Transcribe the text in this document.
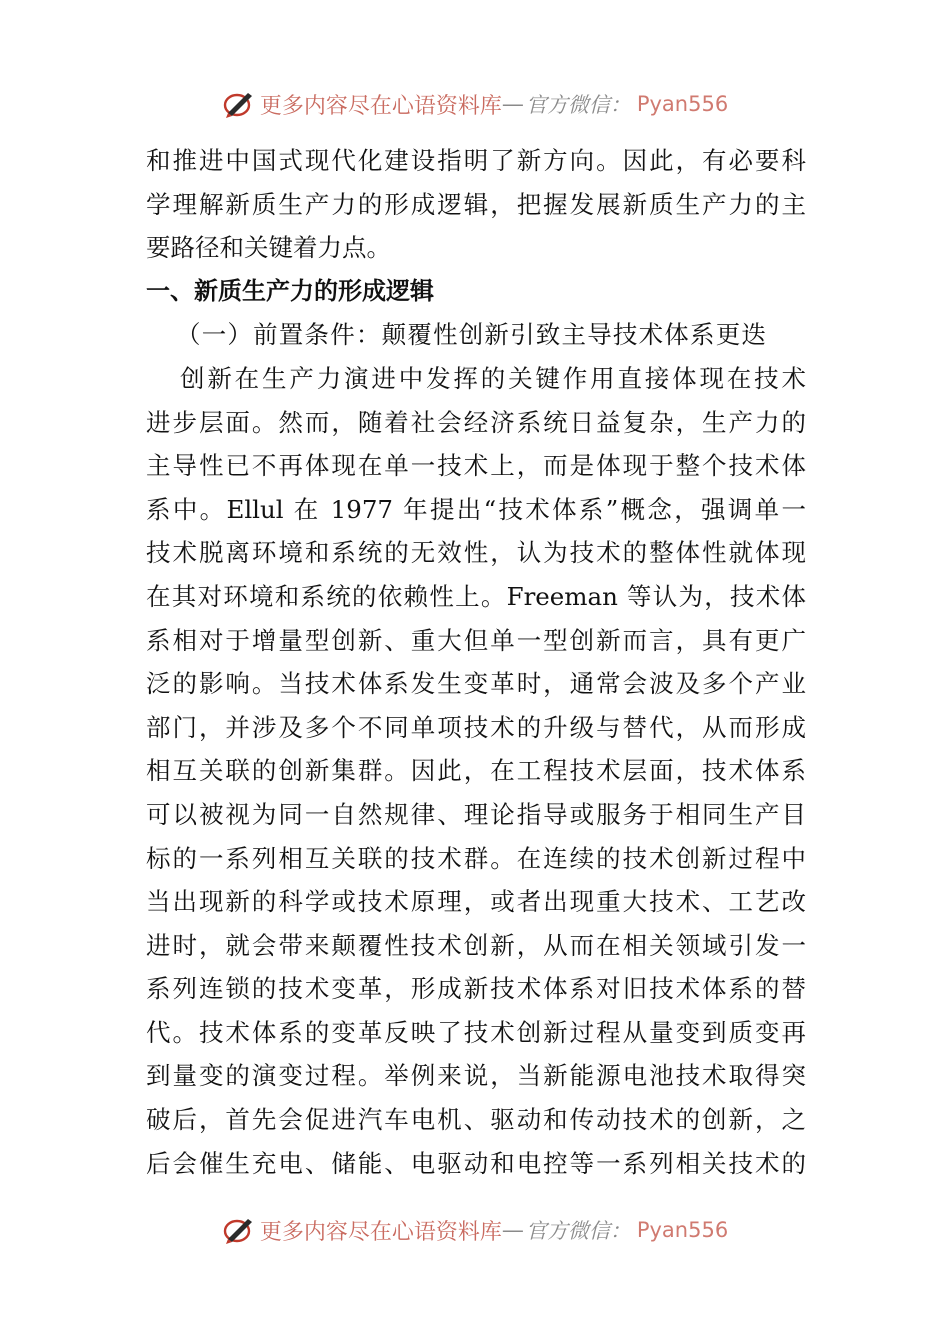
更多内容尽在心语资料库 — 官方微信： Pyan556
和推进中国式现代化建设指明了新方向。因此，有必要科
学理解新质生产力的形成逻辑，把握发展新质生产力的主
要路径和关键着力点。
一、新质生产力的形成逻辑
（一）前置条件：颠覆性创新引致主导技术体系更迭
创新在生产力演进中发挥的关键作用直接体现在技术
进步层面。然而，随着社会经济系统日益复杂，生产力的
主导性已不再体现在单一技术上，而是体现于整个技术体
系中。Ellul 在 1977 年提出“技术体系”概念，强调单一
技术脱离环境和系统的无效性，认为技术的整体性就体现
在其对环境和系统的依赖性上。Freeman 等认为，技术体
系相对于增量型创新、重大但单一型创新而言，具有更广
泛的影响。当技术体系发生变革时，通常会波及多个产业
部门，并涉及多个不同单项技术的升级与替代，从而形成
相互关联的创新集群。因此，在工程技术层面，技术体系
可以被视为同一自然规律、理论指导或服务于相同生产目
标的一系列相互关联的技术群。在连续的技术创新过程中
当出现新的科学或技术原理，或者出现重大技术、工艺改
进时，就会带来颠覆性技术创新，从而在相关领域引发一
系列连锁的技术变革，形成新技术体系对旧技术体系的替
代。技术体系的变革反映了技术创新过程从量变到质变再
到量变的演变过程。举例来说，当新能源电池技术取得突
破后，首先会促进汽车电机、驱动和传动技术的创新，之
后会催生充电、储能、电驱动和电控等一系列相关技术的
更多内容尽在心语资料库 — 官方微信： Pyan556
